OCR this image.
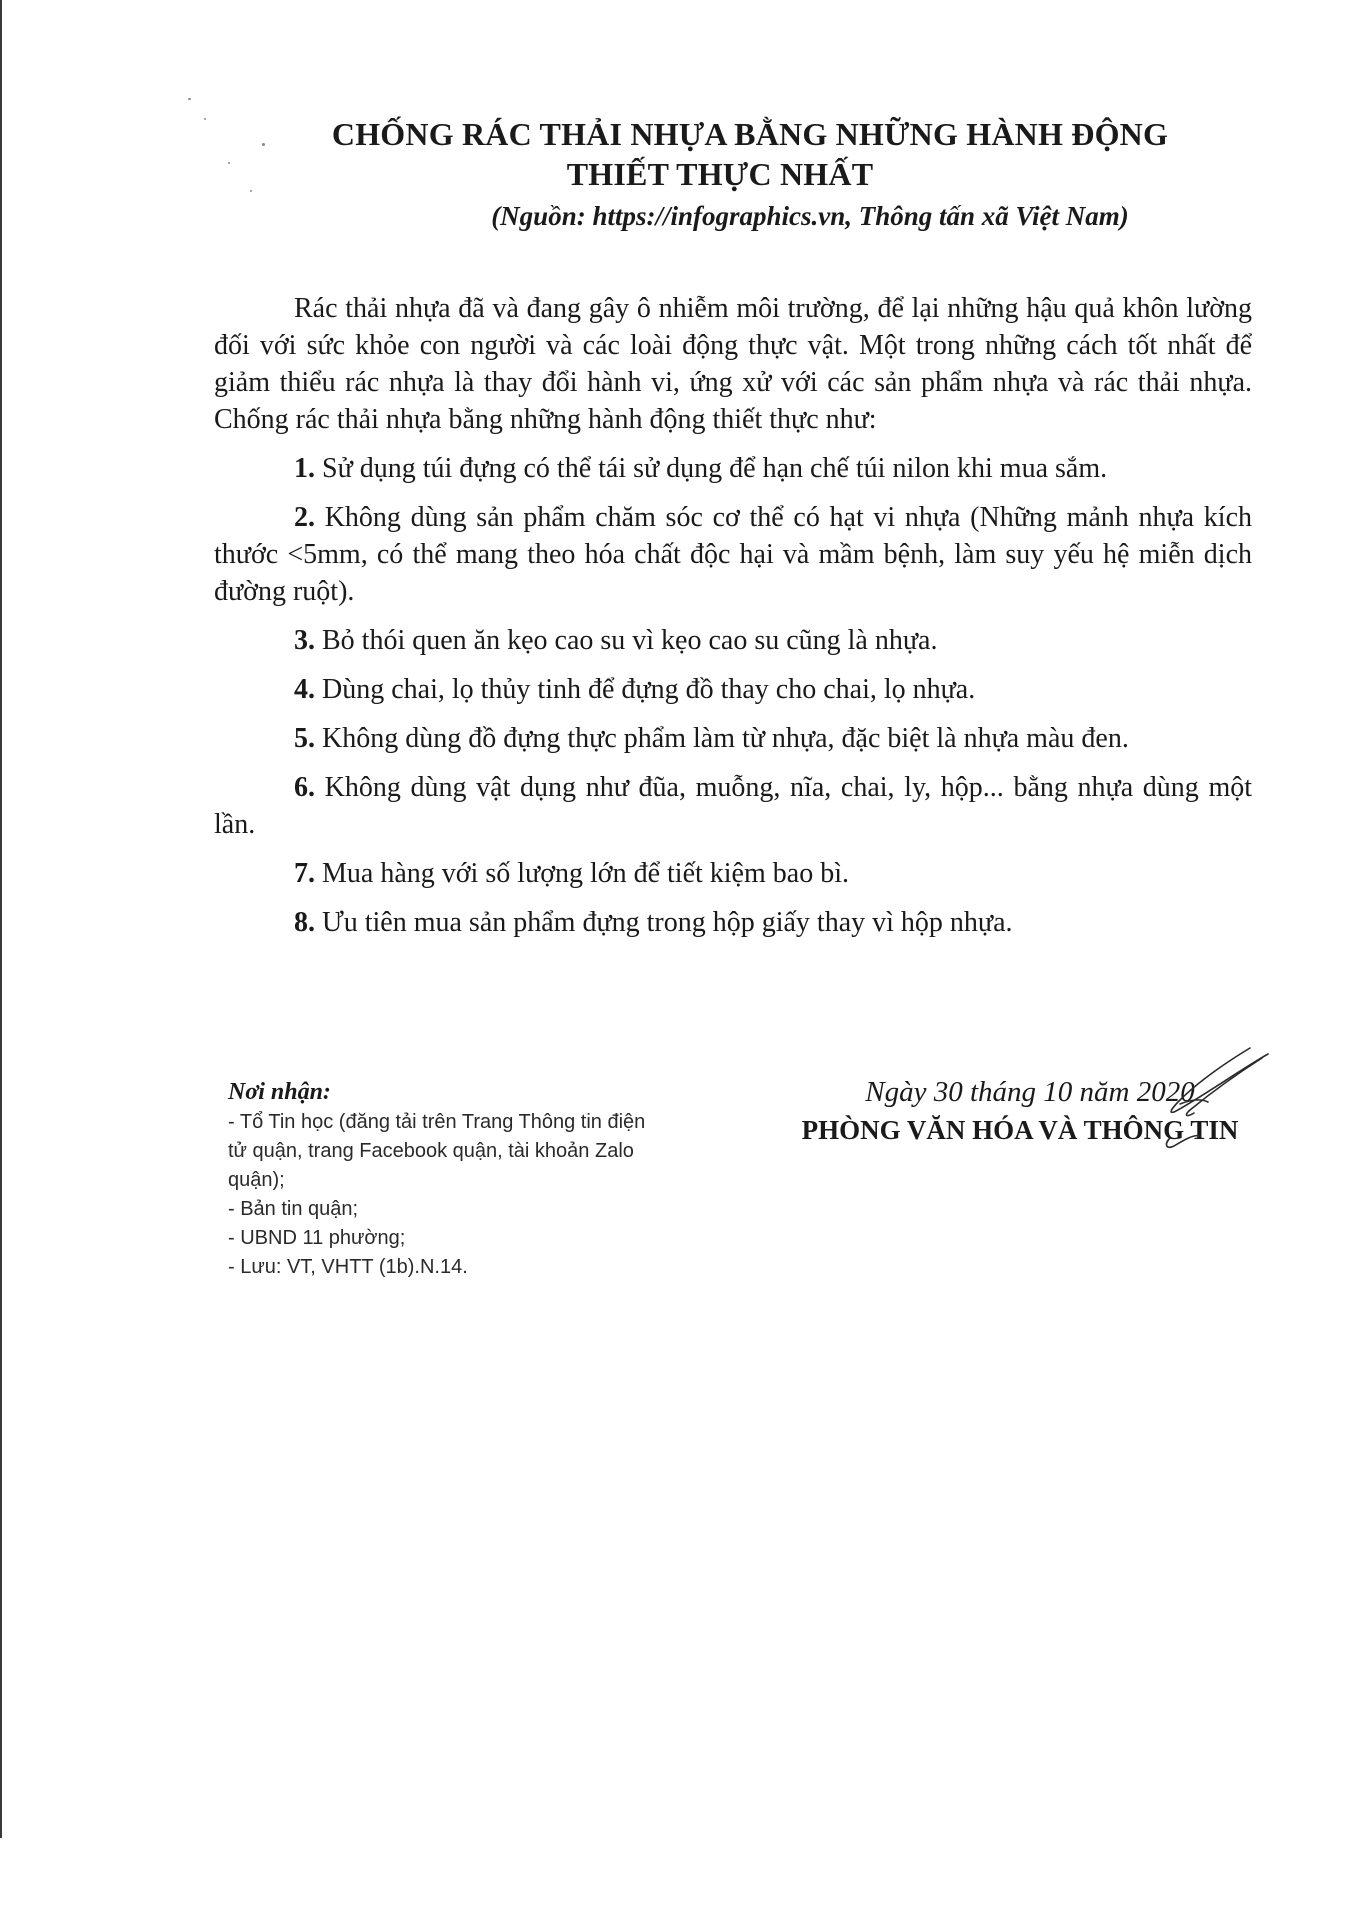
CHỐNG RÁC THẢI NHỰA BẰNG NHỮNG HÀNH ĐỘNG
THIẾT THỰC NHẤT
(Nguồn: https://infographics.vn, Thông tấn xã Việt Nam)

Rác thải nhựa đã và đang gây ô nhiễm môi trường, để lại những hậu quả khôn lường đối với sức khỏe con người và các loài động thực vật. Một trong những cách tốt nhất để giảm thiểu rác nhựa là thay đổi hành vi, ứng xử với các sản phẩm nhựa và rác thải nhựa. Chống rác thải nhựa bằng những hành động thiết thực như:

1. Sử dụng túi đựng có thể tái sử dụng để hạn chế túi nilon khi mua sắm.

2. Không dùng sản phẩm chăm sóc cơ thể có hạt vi nhựa (Những mảnh nhựa kích thước <5mm, có thể mang theo hóa chất độc hại và mầm bệnh, làm suy yếu hệ miễn dịch đường ruột).

3. Bỏ thói quen ăn kẹo cao su vì kẹo cao su cũng là nhựa.

4. Dùng chai, lọ thủy tinh để đựng đồ thay cho chai, lọ nhựa.

5. Không dùng đồ đựng thực phẩm làm từ nhựa, đặc biệt là nhựa màu đen.

6. Không dùng vật dụng như đũa, muỗng, nĩa, chai, ly, hộp... bằng nhựa dùng một lần.

7. Mua hàng với số lượng lớn để tiết kiệm bao bì.

8. Ưu tiên mua sản phẩm đựng trong hộp giấy thay vì hộp nhựa.

Nơi nhận:
- Tổ Tin học (đăng tải trên Trang Thông tin điện
tử quận, trang Facebook quận, tài khoản Zalo
quận);
- Bản tin quận;
- UBND 11 phường;
- Lưu: VT, VHTT (1b).N.14.
Ngày 30 tháng 10 năm 2020
PHÒNG VĂN HÓA VÀ THÔNG TIN
